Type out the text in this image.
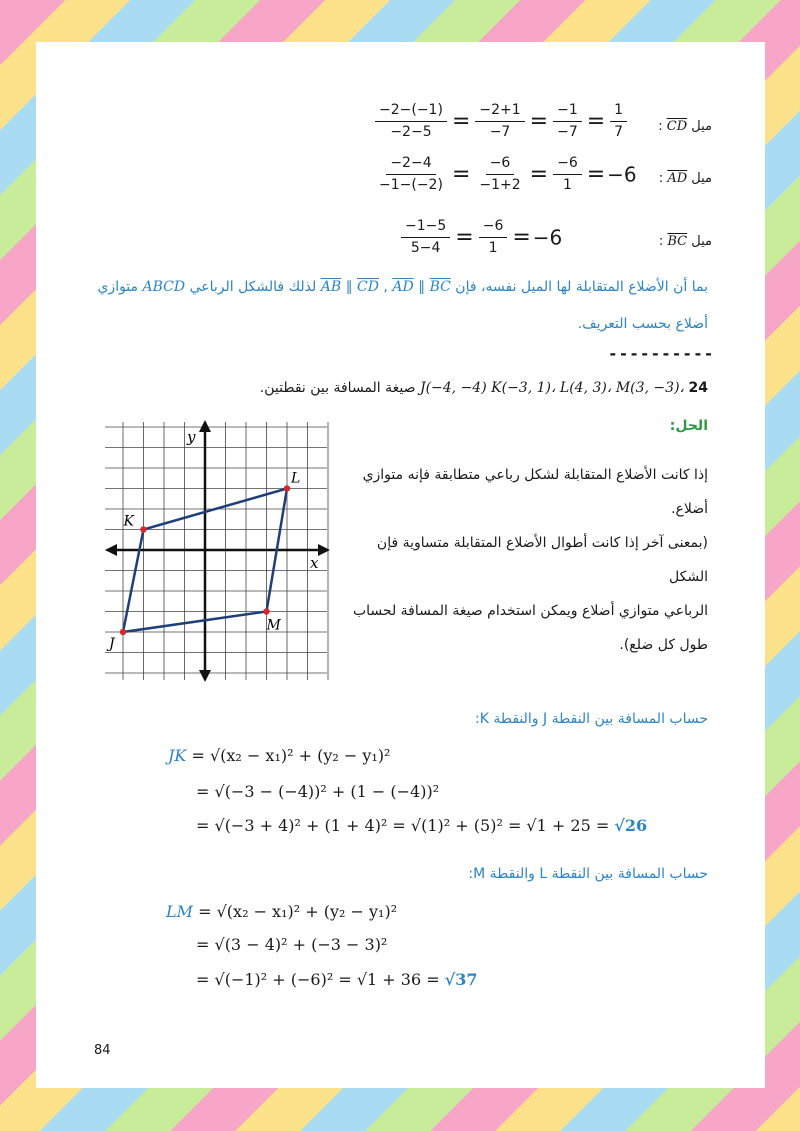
$\frac{-2-(-1)}{-2-5} = \frac{-2+1}{-7} = \frac{-1}{-7} = \frac{1}{7}$	ميل CD :
$\frac{-2-4}{-1-(-2)} = \frac{-6}{-1+2} = \frac{-6}{1} = -6$	ميل AD :
$\frac{-1-5}{5-4} = \frac{-6}{1} = -6$	ميل BC :
بما أن الأضلاع المتقابلة لها الميل نفسه، فإن $\overline{AB}$ ∥ $\overline{CD}$ , $\overline{AD}$ ∥ $\overline{BC}$ لذلك فالشكل الرباعي ABCD متوازي
أضلاع بحسب التعريف.
----------
24 J(−4, −4) K(−3, 1)، L(4, 3)، M(3, −3)، صيغة المسافة بين نقطتين.
الحل:
إذا كانت الأضلاع المتقابلة لشكل رباعي متطابقة فإنه متوازي
أضلاع.
(بمعنى آخر إذا كانت أطوال الأضلاع المتقابلة متساوية فإن الشكل
الرباعي متوازي أضلاع ويمكن استخدام صيغة المسافة لحساب
طول كل ضلع).
y
x
J
K
L
M
حساب المسافة بين النقطة J والنقطة K:
JK = √(x₂ − x₁)² + (y₂ − y₁)²
= √(−3 − (−4))² + (1 − (−4))²
= √(−3 + 4)² + (1 + 4)² = √(1)² + (5)² = √1 + 25 = √26
حساب المسافة بين النقطة L والنقطة M:
LM = √(x₂ − x₁)² + (y₂ − y₁)²
= √(3 − 4)² + (−3 − 3)²
= √(−1)² + (−6)² = √1 + 36 = √37
84
